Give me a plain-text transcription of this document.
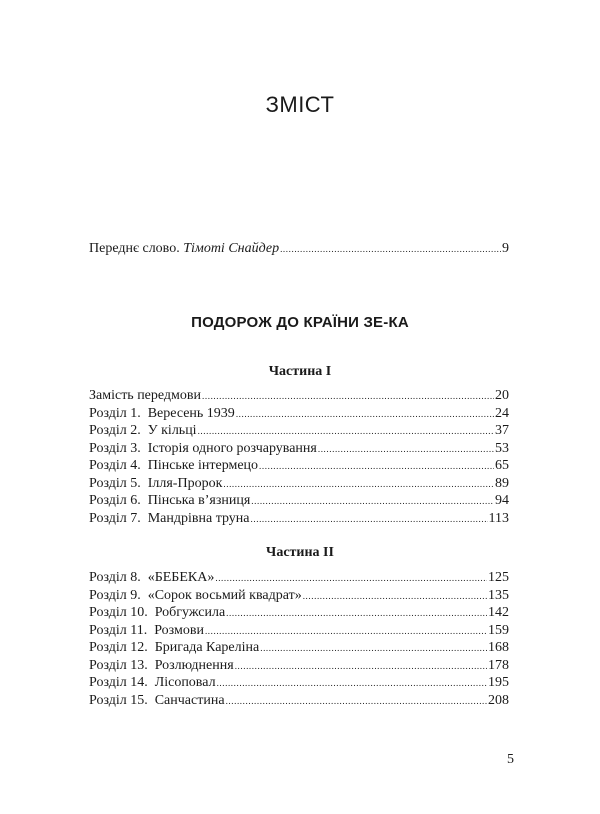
ЗМІСТ
Переднє слово. Тімоті Снайдер .....	9
ПОДОРОЖ ДО КРАЇНИ ЗЕ-КА
Частина I
Замість передмови .....	20
Розділ 1. Вересень 1939 .....	24
Розділ 2. У кільці .....	37
Розділ 3. Історія одного розчарування .....	53
Розділ 4. Пінське інтермецо .....	65
Розділ 5. Ілля-Пророк .....	89
Розділ 6. Пінська в’язниця .....	94
Розділ 7. Мандрівна труна .....	113
Частина II
Розділ 8. «БЕБЕКА» .....	125
Розділ 9. «Сорок восьмий квадрат» .....	135
Розділ 10. Робгужсила .....	142
Розділ 11. Розмови .....	159
Розділ 12. Бригада Кареліна .....	168
Розділ 13. Розлюднення .....	178
Розділ 14. Лісоповал .....	195
Розділ 15. Санчастина .....	208
5
